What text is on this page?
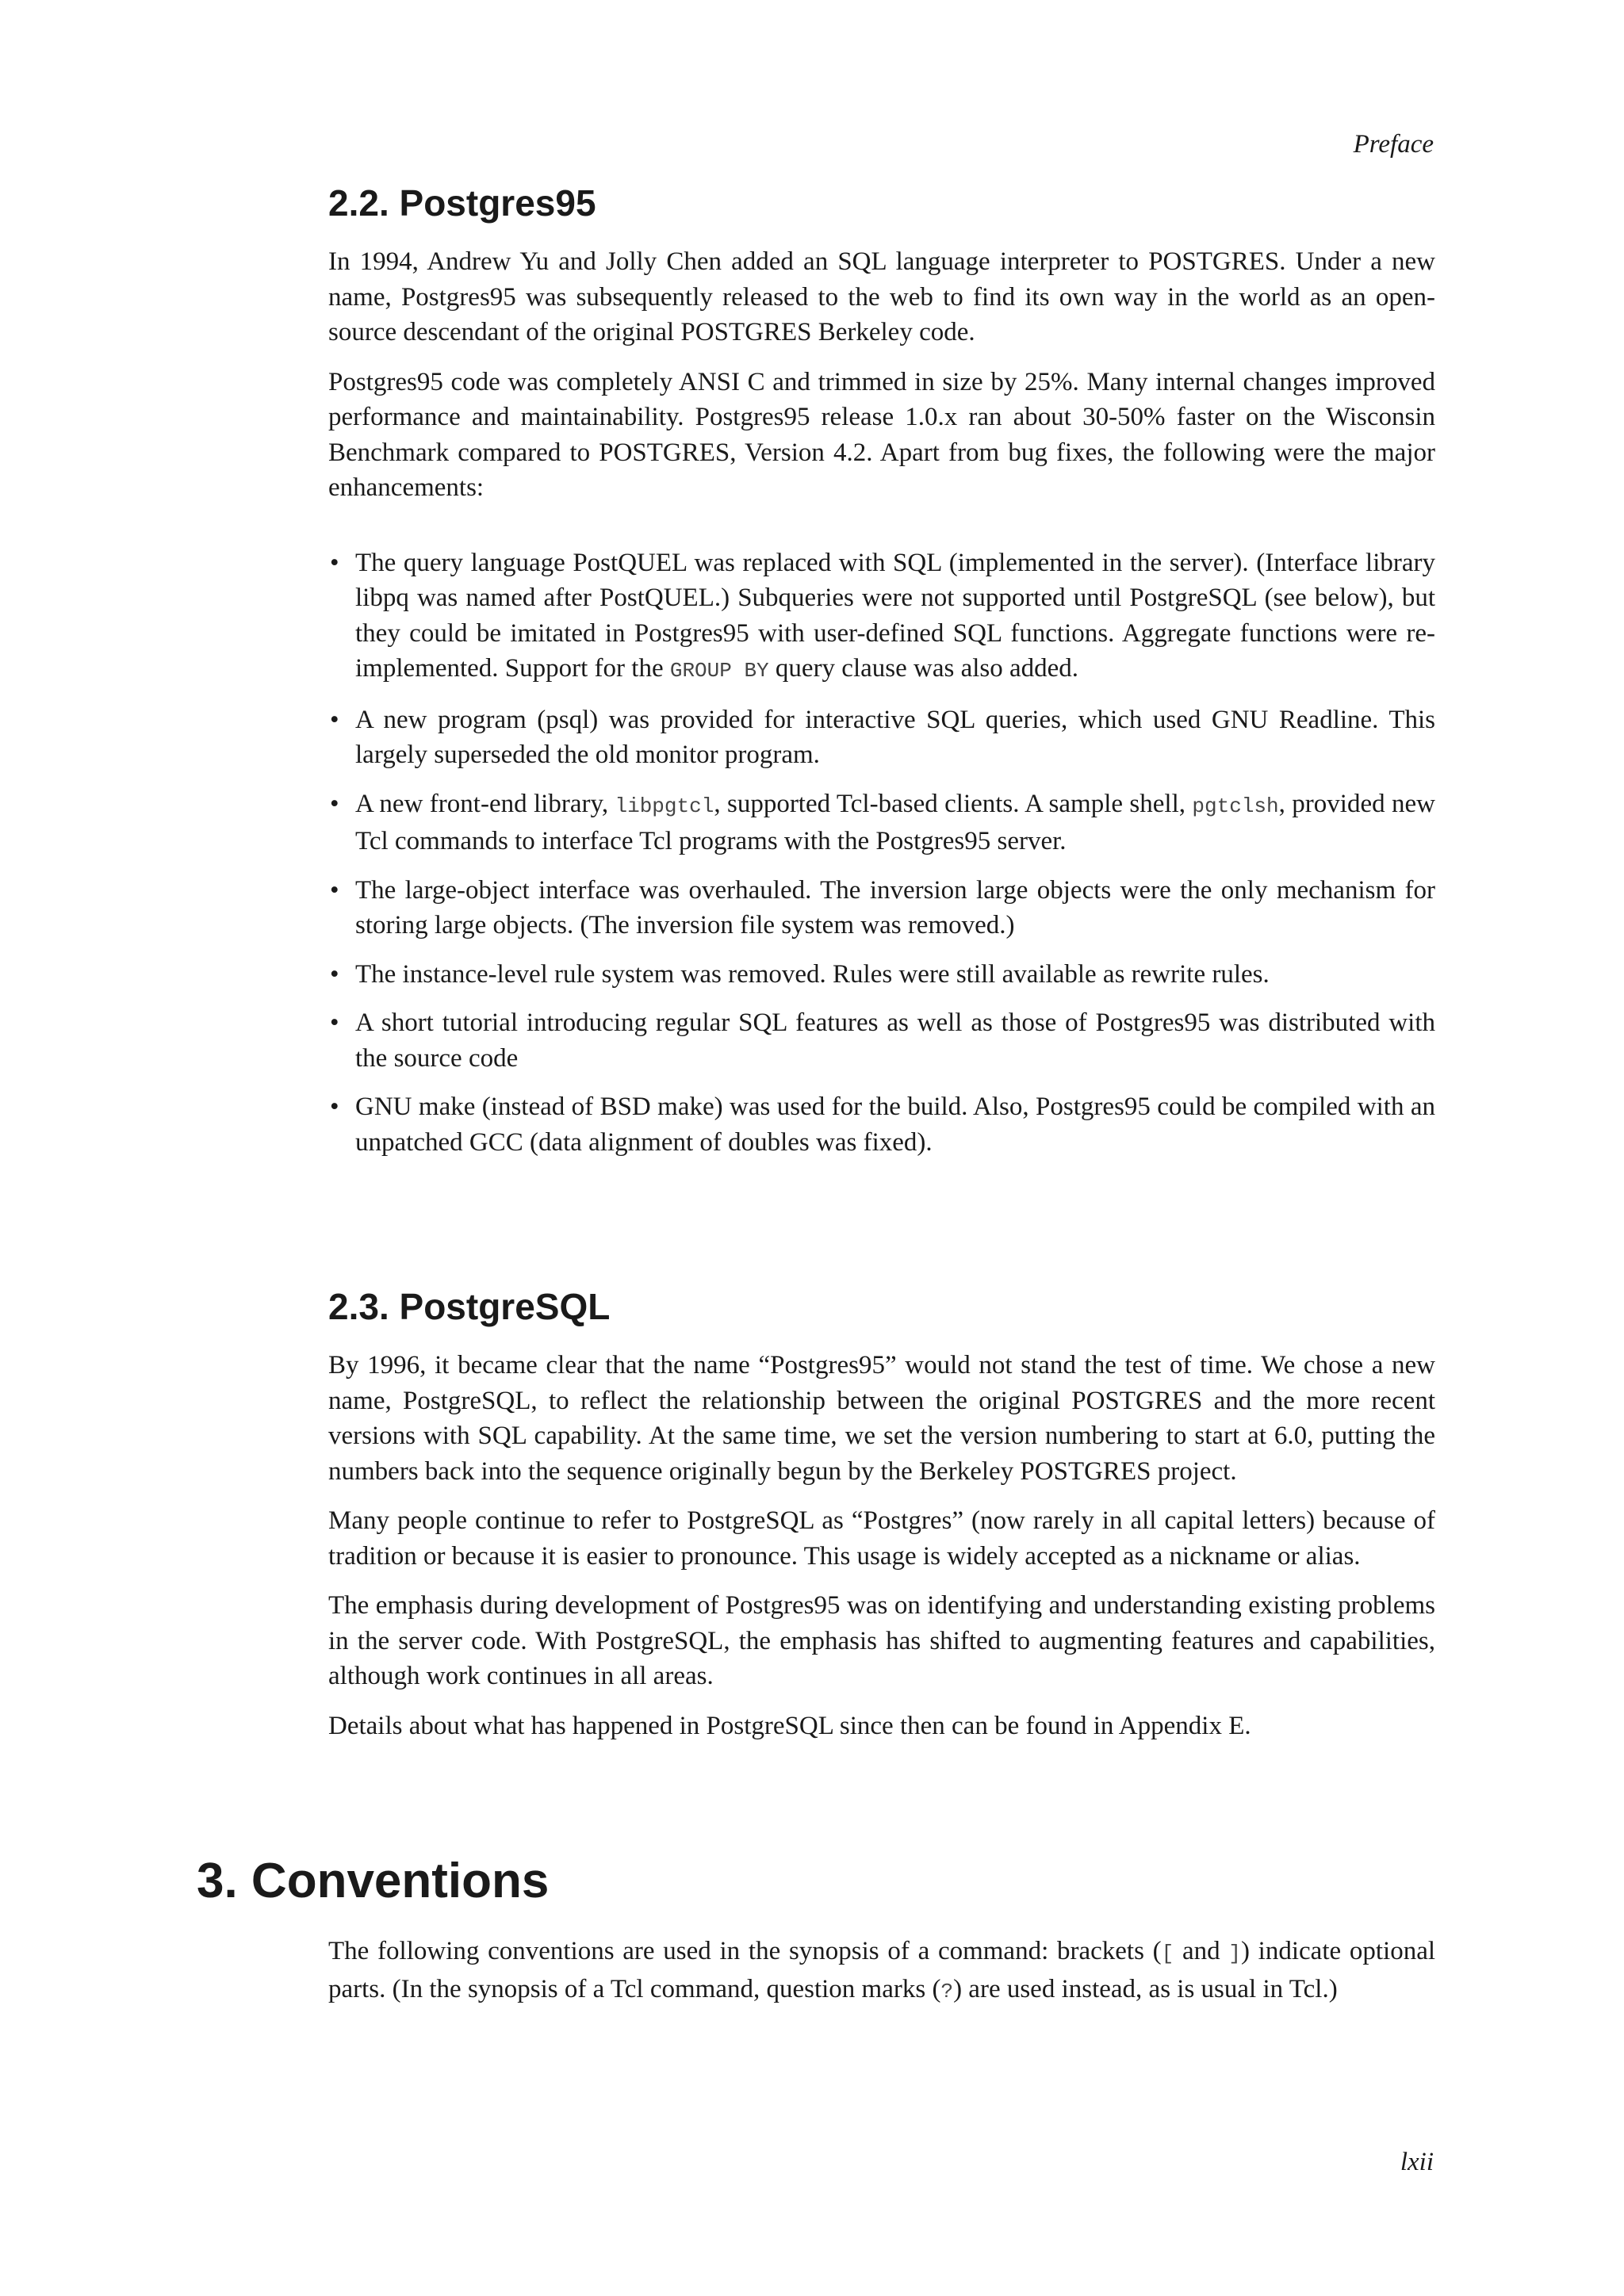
Preface
2.2. Postgres95

In 1994, Andrew Yu and Jolly Chen added an SQL language interpreter to POSTGRES. Under a new name, Postgres95 was subsequently released to the web to find its own way in the world as an open-source descendant of the original POSTGRES Berkeley code.

Postgres95 code was completely ANSI C and trimmed in size by 25%. Many internal changes improved performance and maintainability. Postgres95 release 1.0.x ran about 30-50% faster on the Wisconsin Benchmark compared to POSTGRES, Version 4.2. Apart from bug fixes, the following were the major enhancements:

• The query language PostQUEL was replaced with SQL (implemented in the server). (Interface library libpq was named after PostQUEL.) Subqueries were not supported until PostgreSQL (see below), but they could be imitated in Postgres95 with user-defined SQL functions. Aggregate functions were re-implemented. Support for the GROUP BY query clause was also added.
• A new program (psql) was provided for interactive SQL queries, which used GNU Readline. This largely superseded the old monitor program.
• A new front-end library, libpgtcl, supported Tcl-based clients. A sample shell, pgtclsh, provided new Tcl commands to interface Tcl programs with the Postgres95 server.
• The large-object interface was overhauled. The inversion large objects were the only mechanism for storing large objects. (The inversion file system was removed.)
• The instance-level rule system was removed. Rules were still available as rewrite rules.
• A short tutorial introducing regular SQL features as well as those of Postgres95 was distributed with the source code
• GNU make (instead of BSD make) was used for the build. Also, Postgres95 could be compiled with an unpatched GCC (data alignment of doubles was fixed).
2.3. PostgreSQL

By 1996, it became clear that the name “Postgres95” would not stand the test of time. We chose a new name, PostgreSQL, to reflect the relationship between the original POSTGRES and the more recent versions with SQL capability. At the same time, we set the version numbering to start at 6.0, putting the numbers back into the sequence originally begun by the Berkeley POSTGRES project.

Many people continue to refer to PostgreSQL as “Postgres” (now rarely in all capital letters) because of tradition or because it is easier to pronounce. This usage is widely accepted as a nickname or alias.

The emphasis during development of Postgres95 was on identifying and understanding existing problems in the server code. With PostgreSQL, the emphasis has shifted to augmenting features and capabilities, although work continues in all areas.

Details about what has happened in PostgreSQL since then can be found in Appendix E.

3. Conventions

The following conventions are used in the synopsis of a command: brackets ([ and ]) indicate optional parts. (In the synopsis of a Tcl command, question marks (?) are used instead, as is usual in Tcl.)

lxii
